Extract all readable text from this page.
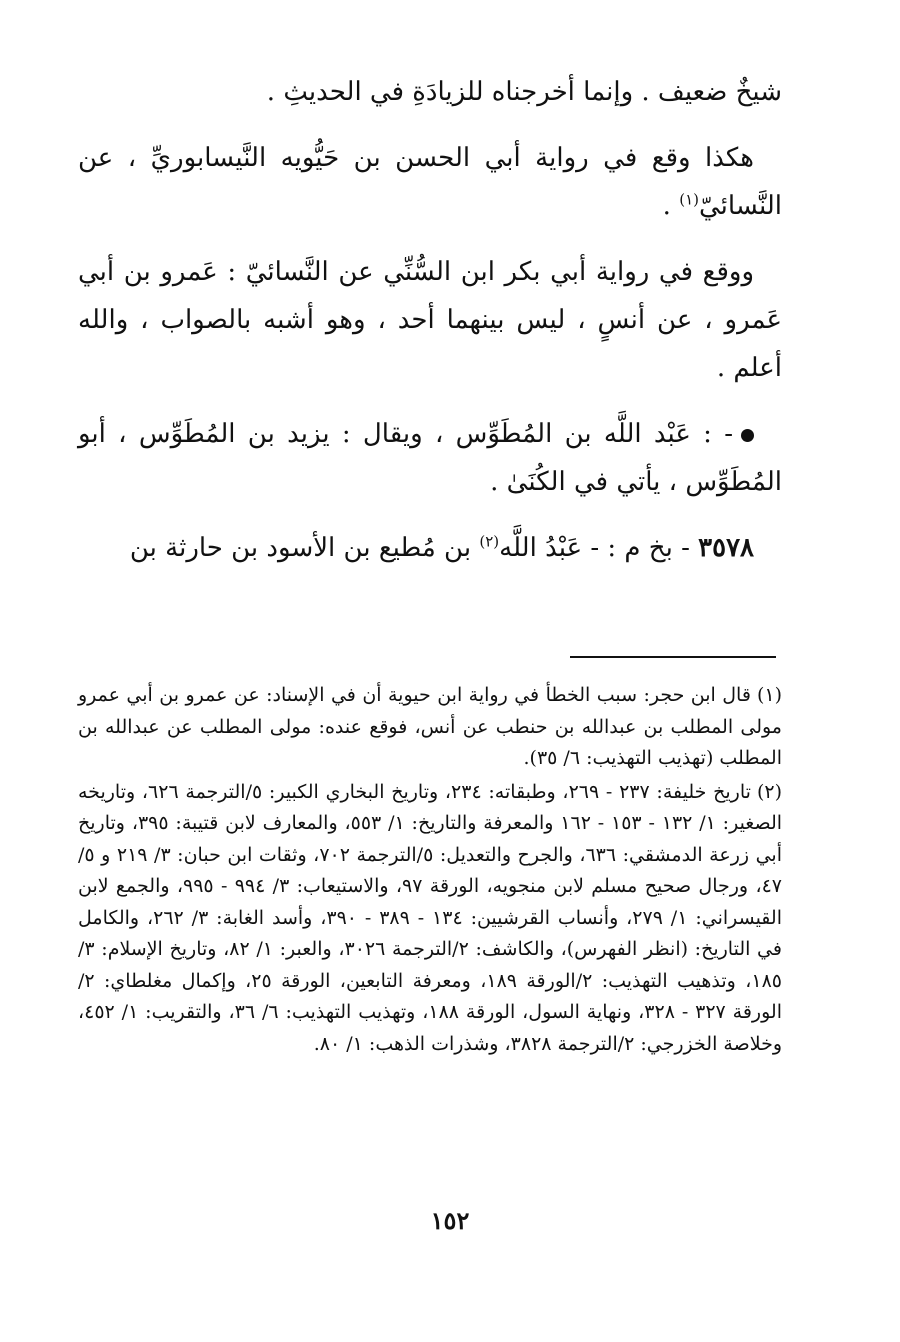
شيخٌ ضعيف . وإنما أخرجناه للزيادَةِ في الحديثِ .

هكذا وقع في رواية أبي الحسن بن حَيُّويه النَّيسابوريِّ ، عن النَّسائيّ$^{(١)}$ .

ووقع في رواية أبي بكر ابن السُّنِّي عن النَّسائيّ : عَمرو بن أبي عَمرو ، عن أنسٍ ، ليس بينهما أحد ، وهو أشبه بالصواب ، والله أعلم .

- : عَبْد اللَّه بن المُطَوِّس ، ويقال : يزيد بن المُطَوِّس ، أبو المُطَوِّس ، يأتي في الكُنَىٰ .

٣٥٧٨ - بخ م : - عَبْدُ اللَّه$^{(٢)}$ بن مُطيع بن الأسود بن حارثة بن

(١)قال ابن حجر: سبب الخطأ في رواية ابن حيوية أن في الإسناد: عن عمرو بن أبي عمرو مولى المطلب بن عبدالله بن حنطب عن أنس، فوقع عنده: مولى المطلب عن عبدالله بن المطلب (تهذيب التهذيب: ٦/ ٣٥).

(٢)تاريخ خليفة: ٢٣٧ - ٢٦٩، وطبقاته: ٢٣٤، وتاريخ البخاري الكبير: ٥/الترجمة ٦٢٦، وتاريخه الصغير: ١/ ١٣٢ - ١٥٣ - ١٦٢ والمعرفة والتاريخ: ١/ ٥٥٣، والمعارف لابن قتيبة: ٣٩٥، وتاريخ أبي زرعة الدمشقي: ٦٣٦، والجرح والتعديل: ٥/الترجمة ٧٠٢، وثقات ابن حبان: ٣/ ٢١٩ و ٥/ ٤٧، ورجال صحيح مسلم لابن منجويه، الورقة ٩٧، والاستيعاب: ٣/ ٩٩٤ - ٩٩٥، والجمع لابن القيسراني: ١/ ٢٧٩، وأنساب القرشيين: ١٣٤ - ٣٨٩ - ٣٩٠، وأسد الغابة: ٣/ ٢٦٢، والكامل في التاريخ: (انظر الفهرس)، والكاشف: ٢/الترجمة ٣٠٢٦، والعبر: ١/ ٨٢، وتاريخ الإسلام: ٣/ ١٨٥، وتذهيب التهذيب: ٢/الورقة ١٨٩، ومعرفة التابعين، الورقة ٢٥، وإكمال مغلطاي: ٢/الورقة ٣٢٧ - ٣٢٨، ونهاية السول، الورقة ١٨٨، وتهذيب التهذيب: ٦/ ٣٦، والتقريب: ١/ ٤٥٢، وخلاصة الخزرجي: ٢/الترجمة ٣٨٢٨، وشذرات الذهب: ١/ ٨٠.

١٥٢
